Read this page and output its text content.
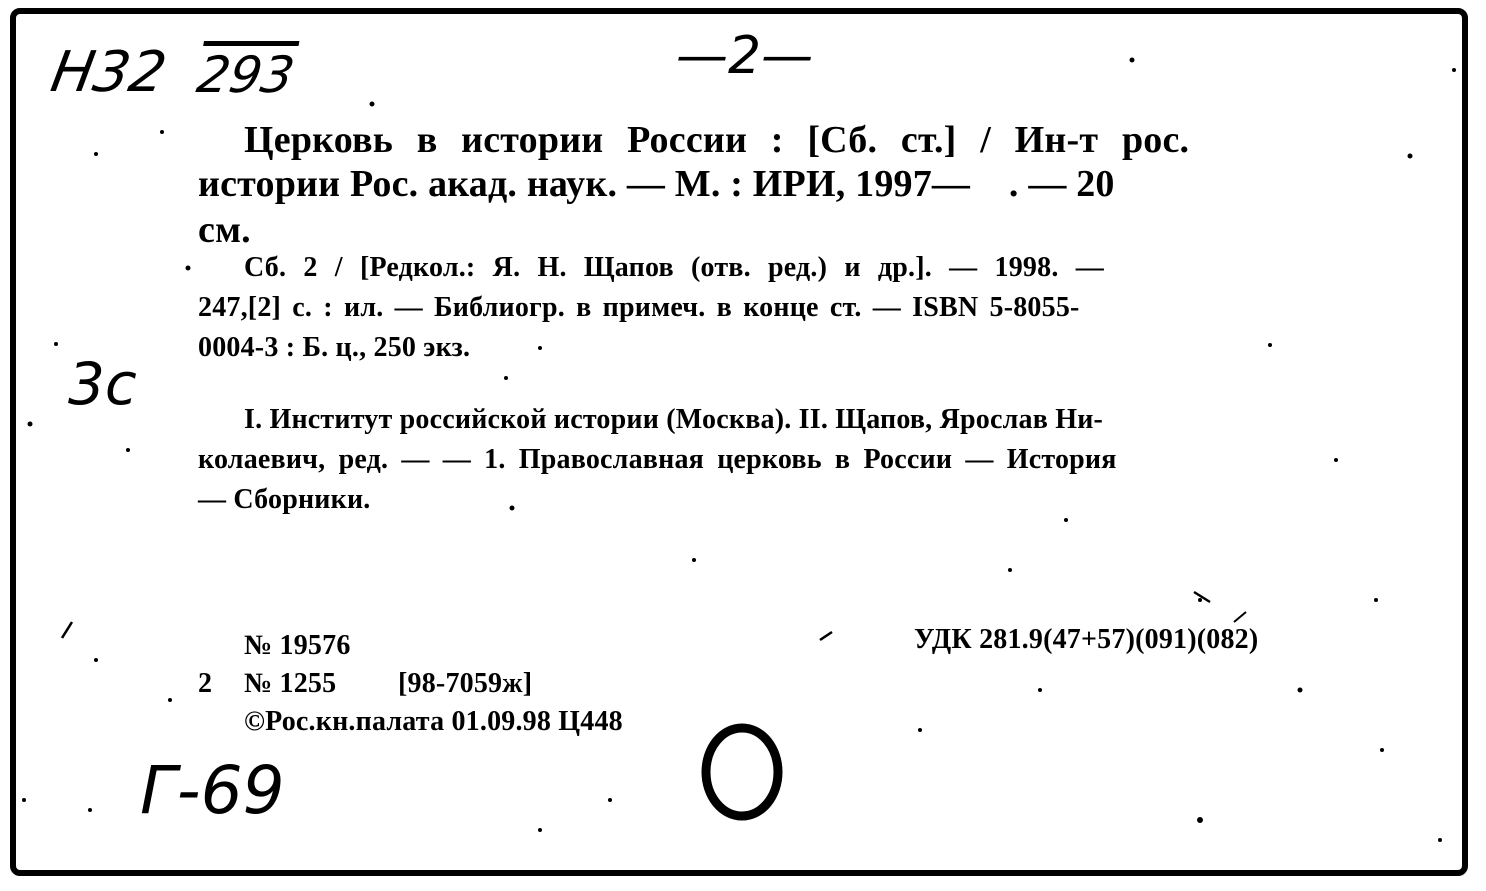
Н32 293	—2—
3с
Г-69
Церковь в истории России : [Сб. ст.] / Ин-т рос.
истории Рос. акад. наук. — М. : ИРИ, 1997—    . — 20
см.
Сб. 2 / [Редкол.: Я. Н. Щапов (отв. ред.) и др.]. — 1998. —
247,[2] с. : ил. — Библиогр. в примеч. в конце ст. — ISBN 5-8055-
0004-3 : Б. ц., 250 экз.
I. Институт российской истории (Москва). II. Щапов, Ярослав Ни-
колаевич, ред. — — 1. Православная церковь в России — История
— Сборники.
№ 19576
2 № 1255 [98-7059ж]
©Рос.кн.палата 01.09.98 Ц448
УДК 281.9(47+57)(091)(082)
